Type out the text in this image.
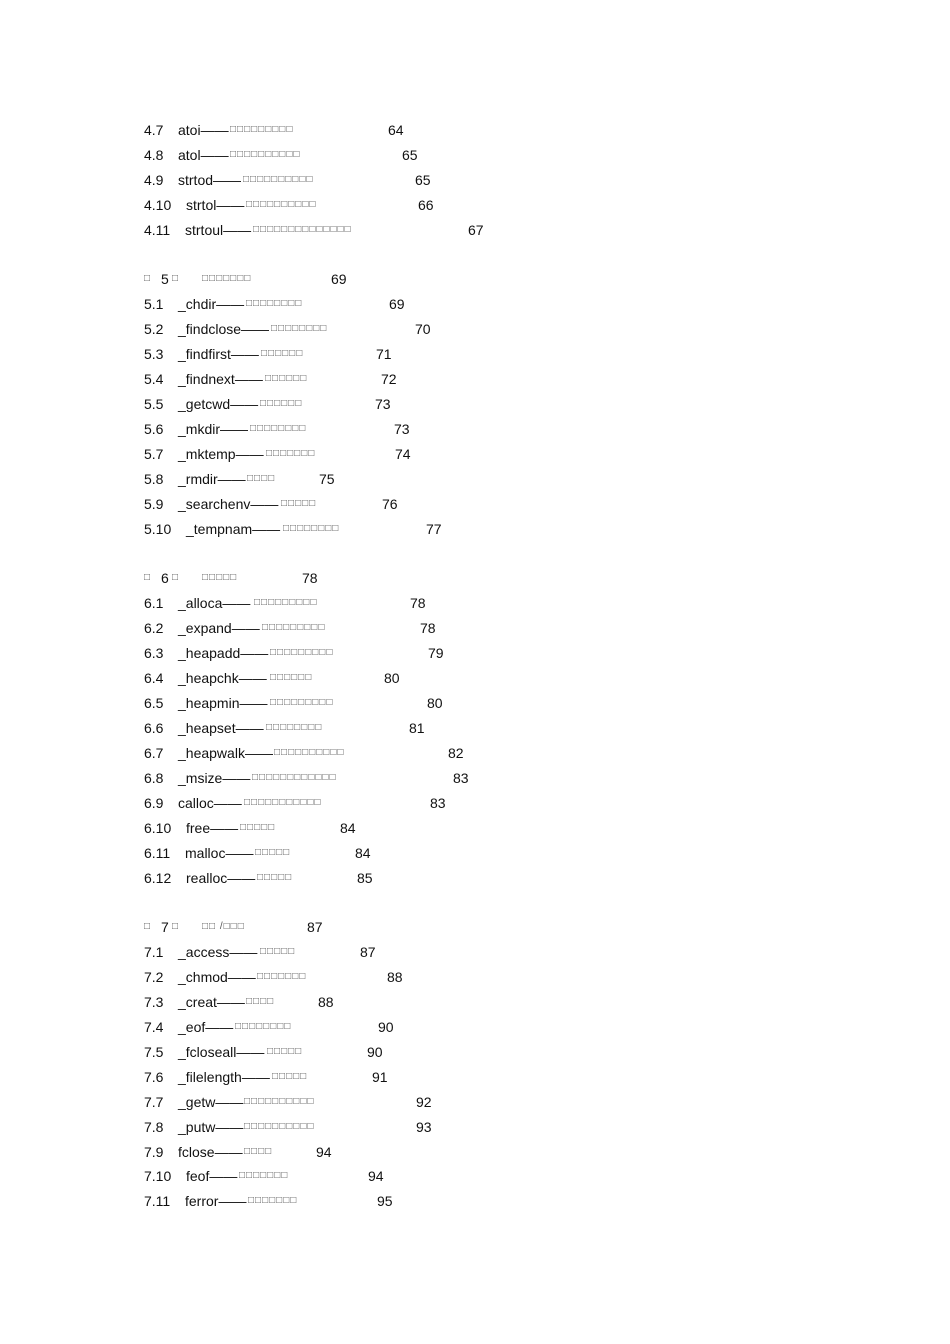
4.7 atoi—— □□□□□□□□□	64
4.8 atol—— □□□□□□□□□□	65
4.9 strtod—— □□□□□□□□□□	65
4.10 strtol—— □□□□□□□□□□	66
4.11 strtoul—— □□□□□□□□□□□□□□	67
□ 5 □ □□□□□□□	69
5.1 _chdir—— □□□□□□□□	69
5.2 _findclose—— □□□□□□□□	70
5.3 _findfirst—— □□□□□□	71
5.4 _findnext—— □□□□□□	72
5.5 _getcwd—— □□□□□□	73
5.6 _mkdir—— □□□□□□□□	73
5.7 _mktemp—— □□□□□□□	74
5.8 _rmdir—— □□□□	75
5.9 _searchenv—— □□□□□	76
5.10 _tempnam—— □□□□□□□□	77
□ 6 □ □□□□□	78
6.1 _alloca—— □□□□□□□□□	78
6.2 _expand—— □□□□□□□□□	78
6.3 _heapadd—— □□□□□□□□□	79
6.4 _heapchk—— □□□□□□	80
6.5 _heapmin—— □□□□□□□□□	80
6.6 _heapset—— □□□□□□□□	81
6.7 _heapwalk—— □□□□□□□□□□	82
6.8 _msize—— □□□□□□□□□□□□	83
6.9 calloc—— □□□□□□□□□□□	83
6.10 free—— □□□□□	84
6.11 malloc—— □□□□□	84
6.12 realloc—— □□□□□	85
□ 7 □ □□ /□□□	87
7.1 _access—— □□□□□	87
7.2 _chmod—— □□□□□□□	88
7.3 _creat—— □□□□	88
7.4 _eof—— □□□□□□□□	90
7.5 _fcloseall—— □□□□□	90
7.6 _filelength—— □□□□□	91
7.7 _getw—— □□□□□□□□□□	92
7.8 _putw—— □□□□□□□□□□	93
7.9 fclose—— □□□□	94
7.10 feof—— □□□□□□□	94
7.11 ferror—— □□□□□□□	95
